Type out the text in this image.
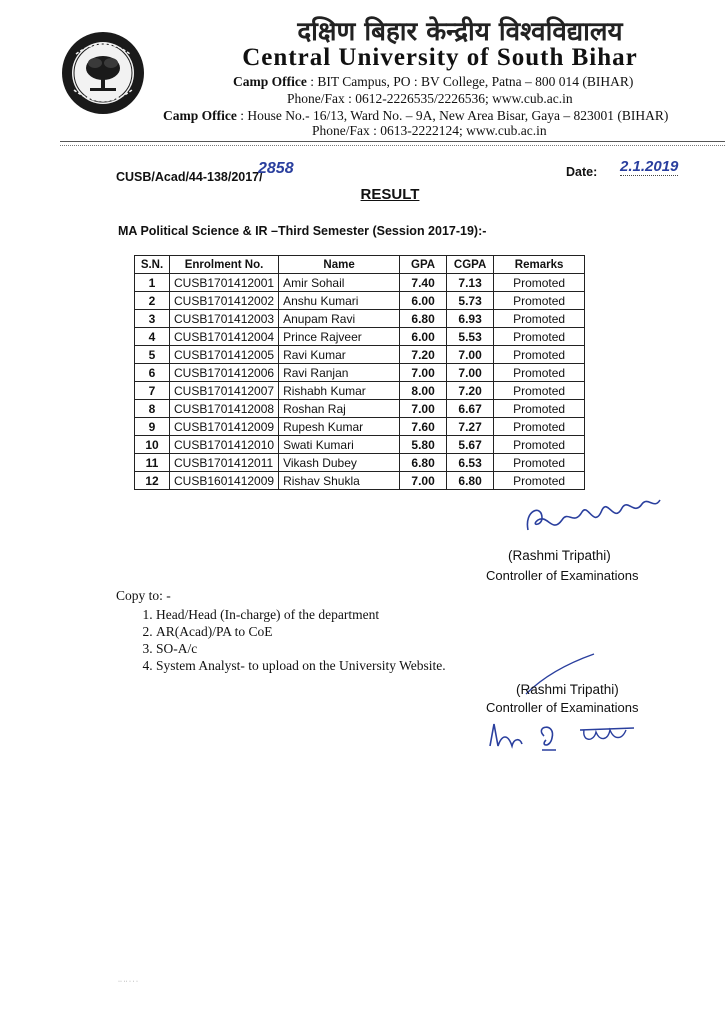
दक्षिण बिहार केन्द्रीय विश्वविद्यालय
Central University of South Bihar
Camp Office : BIT Campus, PO : BV College, Patna – 800 014 (BIHAR)
Phone/Fax : 0612-2226535/2226536; www.cub.ac.in
Camp Office : House No.- 16/13, Ward No. – 9A, New Area Bisar, Gaya – 823001 (BIHAR)
Phone/Fax : 0613-2222124; www.cub.ac.in
CUSB/Acad/44-138/2017/
2858	Date: 2.1.2019
RESULT
MA Political Science & IR –Third Semester (Session 2017-19):-
S.N.	Enrolment No.	Name	GPA	CGPA	Remarks
1	CUSB1701412001	Amir Sohail	7.40	7.13	Promoted
2	CUSB1701412002	Anshu Kumari	6.00	5.73	Promoted
3	CUSB1701412003	Anupam Ravi	6.80	6.93	Promoted
4	CUSB1701412004	Prince Rajveer	6.00	5.53	Promoted
5	CUSB1701412005	Ravi Kumar	7.20	7.00	Promoted
6	CUSB1701412006	Ravi Ranjan	7.00	7.00	Promoted
7	CUSB1701412007	Rishabh Kumar	8.00	7.20	Promoted
8	CUSB1701412008	Roshan Raj	7.00	6.67	Promoted
9	CUSB1701412009	Rupesh Kumar	7.60	7.27	Promoted
10	CUSB1701412010	Swati Kumari	5.80	5.67	Promoted
11	CUSB1701412011	Vikash Dubey	6.80	6.53	Promoted
12	CUSB1601412009	Rishav Shukla	7.00	6.80	Promoted
(Rashmi Tripathi)
Controller of Examinations
Copy to: -
1. Head/Head (In-charge) of the department
2. AR(Acad)/PA to CoE
3. SO-A/c
4. System Analyst- to upload on the University Website.
(Rashmi Tripathi)
Controller of Examinations
·· ·· · · ·
